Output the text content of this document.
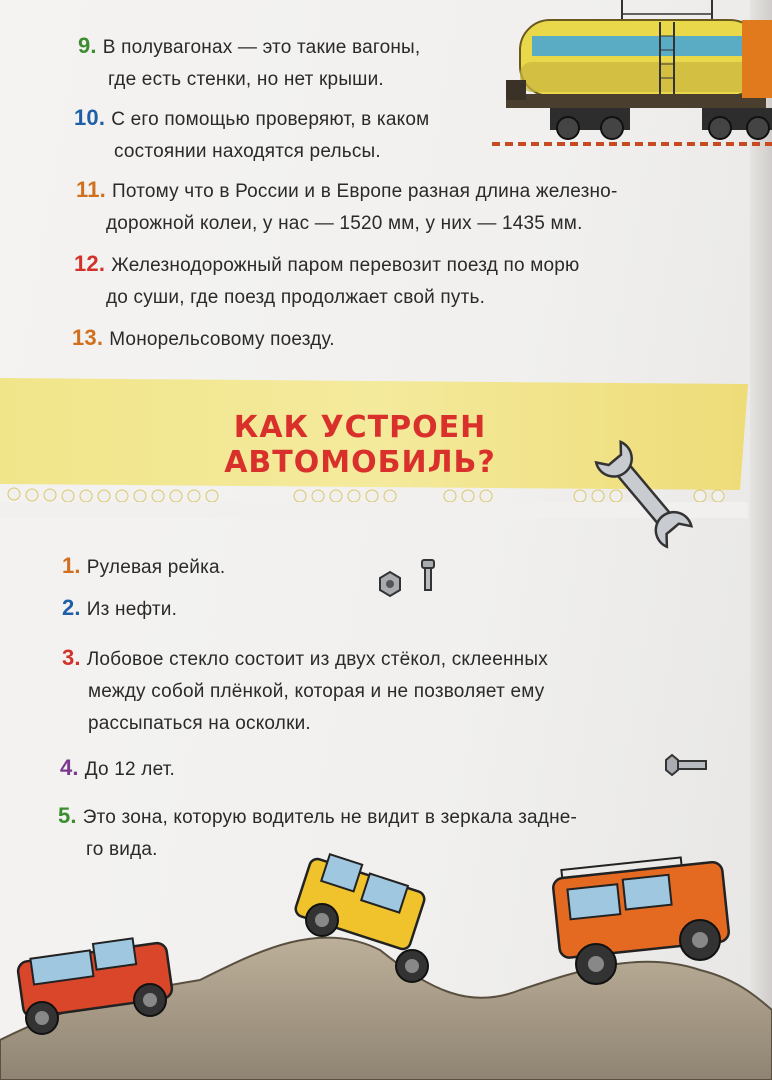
9. В полувагонах — это такие вагоны,
где есть стенки, но нет крыши.
10. С его помощью проверяют, в каком
состоянии находятся рельсы.
11. Потому что в России и в Европе разная длина железно-
дорожной колеи, у нас — 1520 мм, у них — 1435 мм.
12. Железнодорожный паром перевозит поезд по морю
до суши, где поезд продолжает свой путь.
13. Монорельсовому поезду.
КАК УСТРОЕН АВТОМОБИЛЬ?
1. Рулевая рейка.
2. Из нефти.
3. Лобовое стекло состоит из двух стёкол, склеенных
между собой плёнкой, которая и не позволяет ему
рассыпаться на осколки.
4. До 12 лет.
5. Это зона, которую водитель не видит в зеркала задне-
го вида.
